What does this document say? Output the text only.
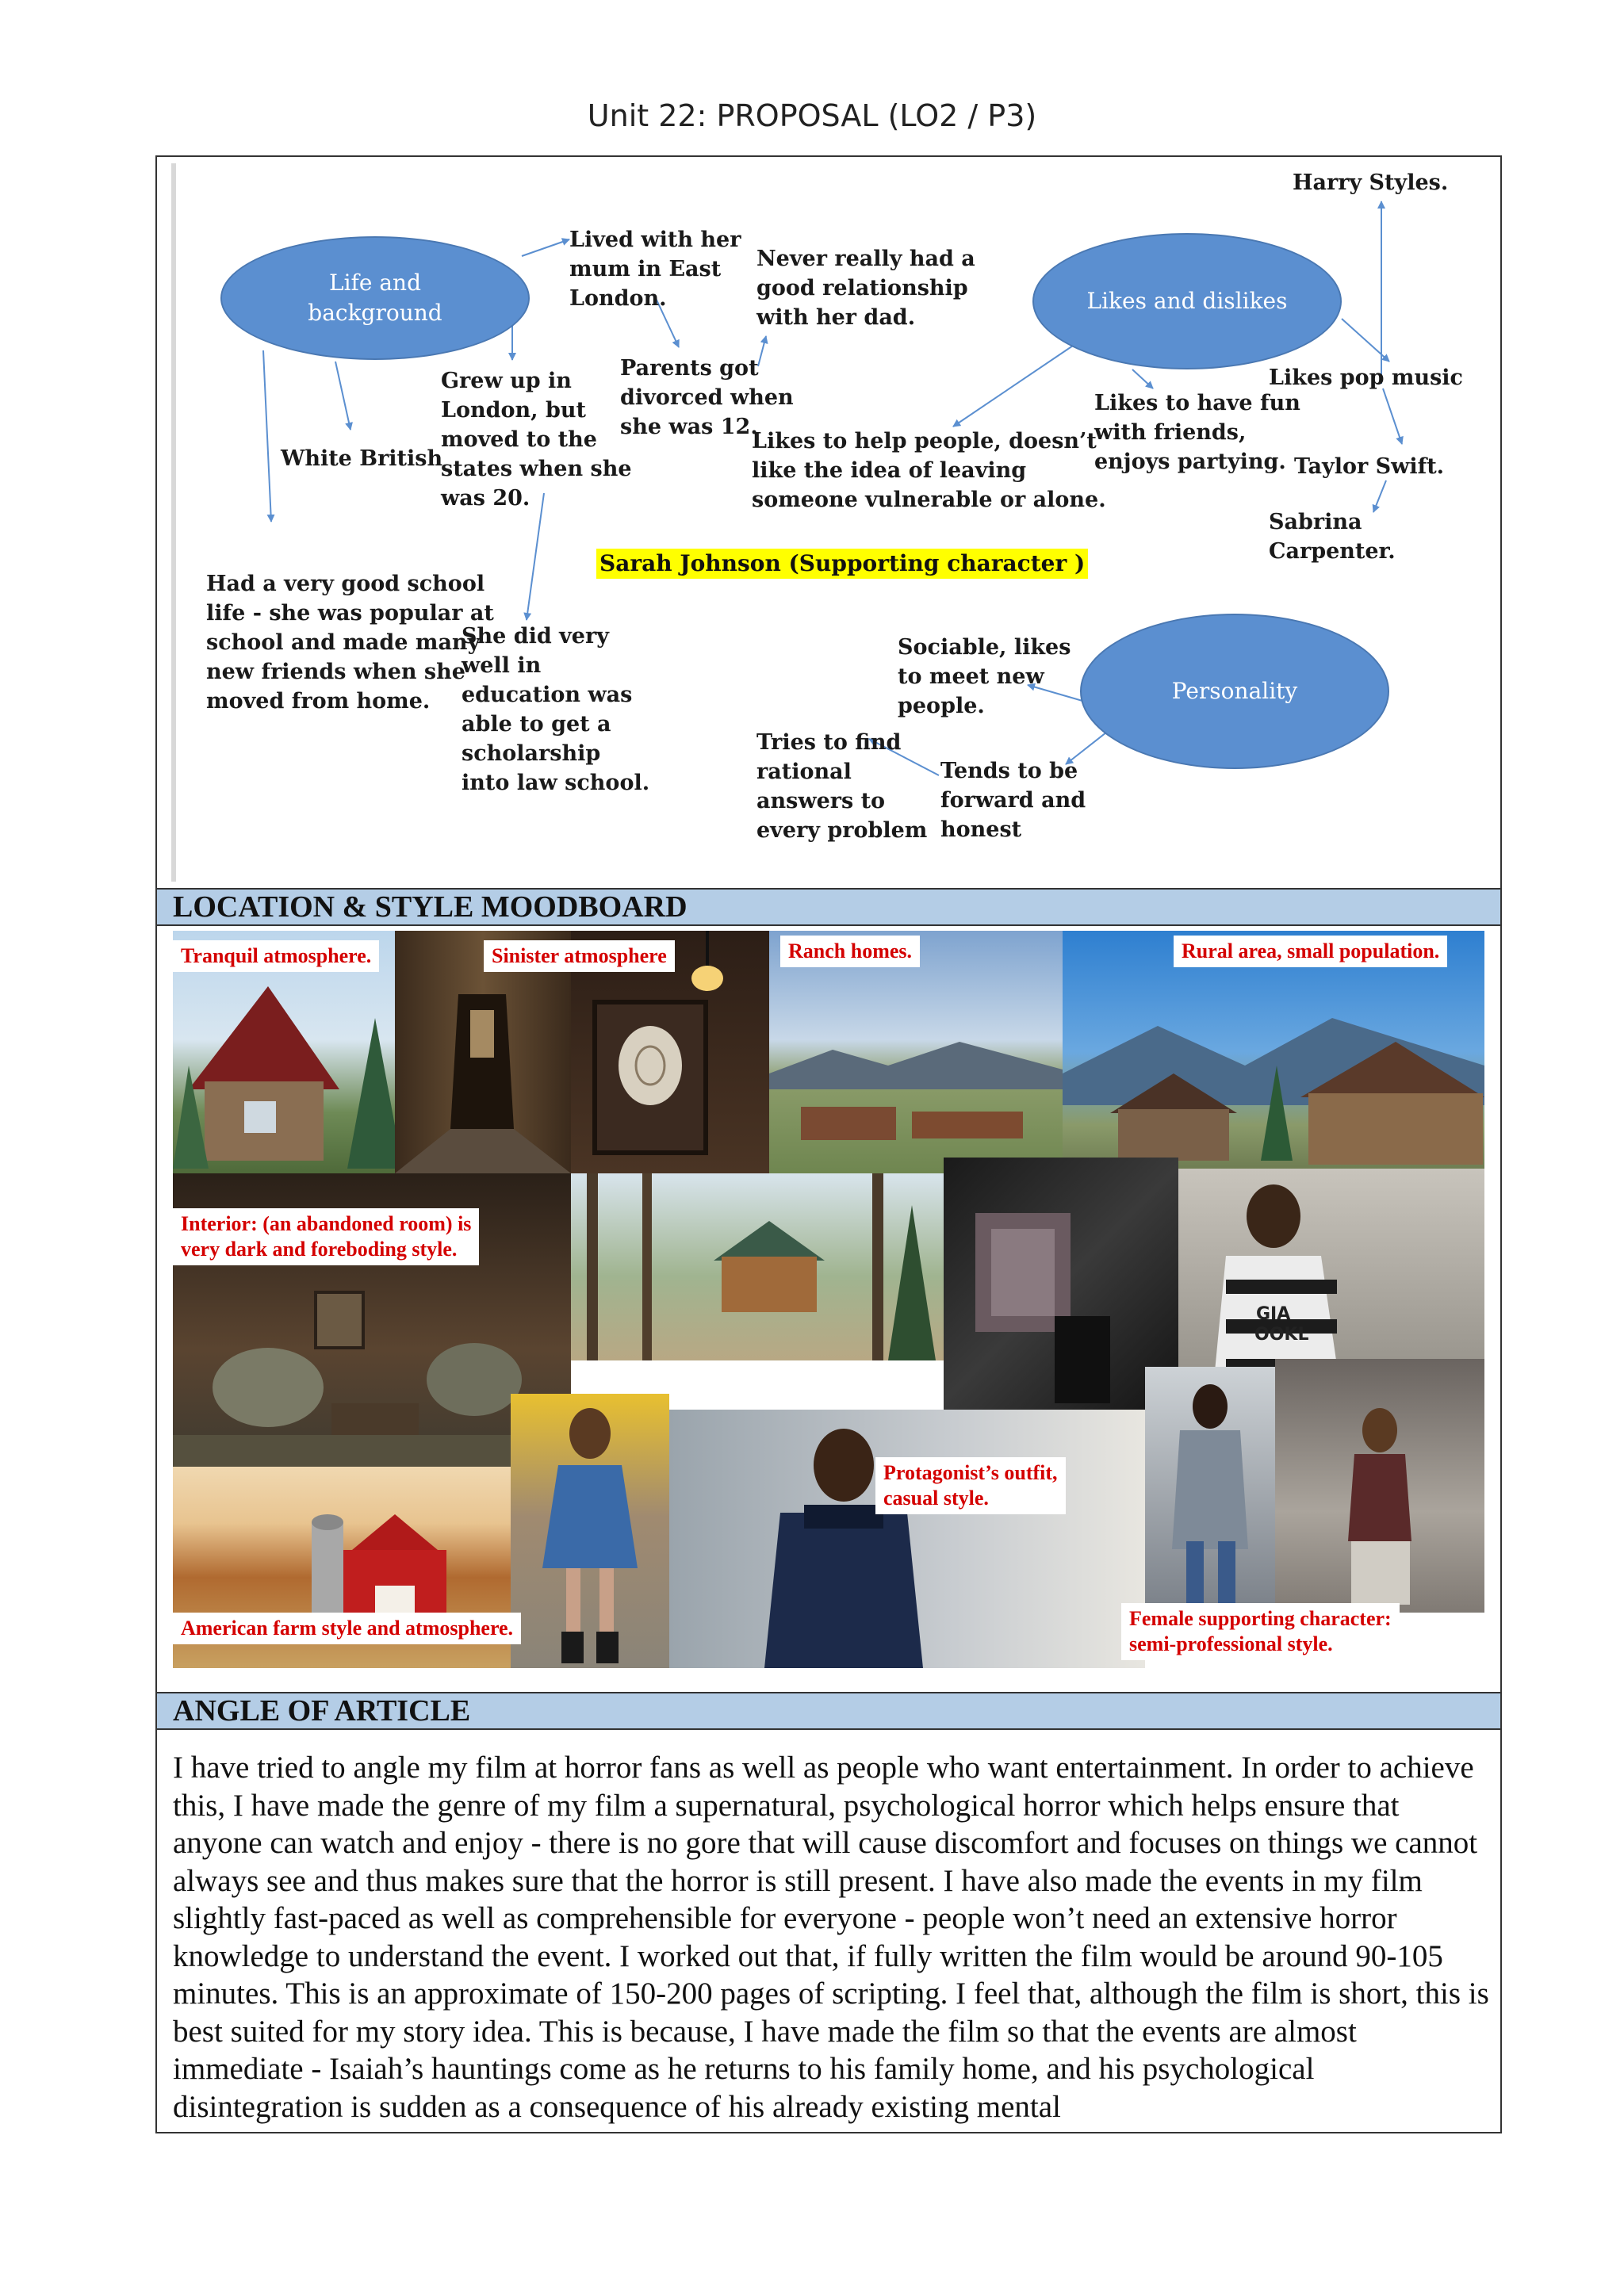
Unit 22: PROPOSAL (LO2 / P3)
Life and
background	Likes and dislikes
Personality
Lived with her
mum in East
London.
Never really had a
good relationship
with her dad.
Harry Styles.
Grew up in
London, but
moved to the
states when she
was 20.
Parents got
divorced when
she was 12.
Likes to have fun
with friends,
enjoys partying.
Likes pop music
White British
Likes to help people, doesn’t
like the idea of leaving
someone vulnerable or alone.
Taylor Swift.
Sabrina
Carpenter.
Had a very good school
life - she was popular at
school and made many
new friends when she
moved from home.
She did very
well in
education was
able to get a
scholarship
into law school.
Sociable, likes
to meet new
people.
Tries to find
rational
answers to
every problem
Tends to be
forward and
honest
Sarah Johnson (Supporting character )
LOCATION & STYLE MOODBOARD
GIA OOKL
Tranquil atmosphere.	Sinister atmosphere	Ranch homes.	Rural area, small population.
Interior: (an abandoned room) is
very dark and foreboding style.
Protagonist’s outfit,
casual style.
American farm style and atmosphere.	Female supporting character:
semi-professional style.
ANGLE OF ARTICLE
I have tried to angle my film at horror fans as well as people who want entertainment. In order to achieve this, I have made the genre of my film a supernatural, psychological horror which helps ensure that anyone can watch and enjoy - there is no gore that will cause discomfort and focuses on things we cannot always see and thus makes sure that the horror is still present. I have also made the events in my film slightly fast-paced as well as comprehensible for everyone - people won’t need an extensive horror knowledge to understand the event. I worked out that, if fully written the film would be around 90-105 minutes. This is an approximate of 150-200 pages of scripting. I feel that, although the film is short, this is best suited for my story idea. This is because, I have made the film so that the events are almost immediate - Isaiah’s hauntings come as he returns to his family home, and his psychological disintegration is sudden as a consequence of his already existing mental
